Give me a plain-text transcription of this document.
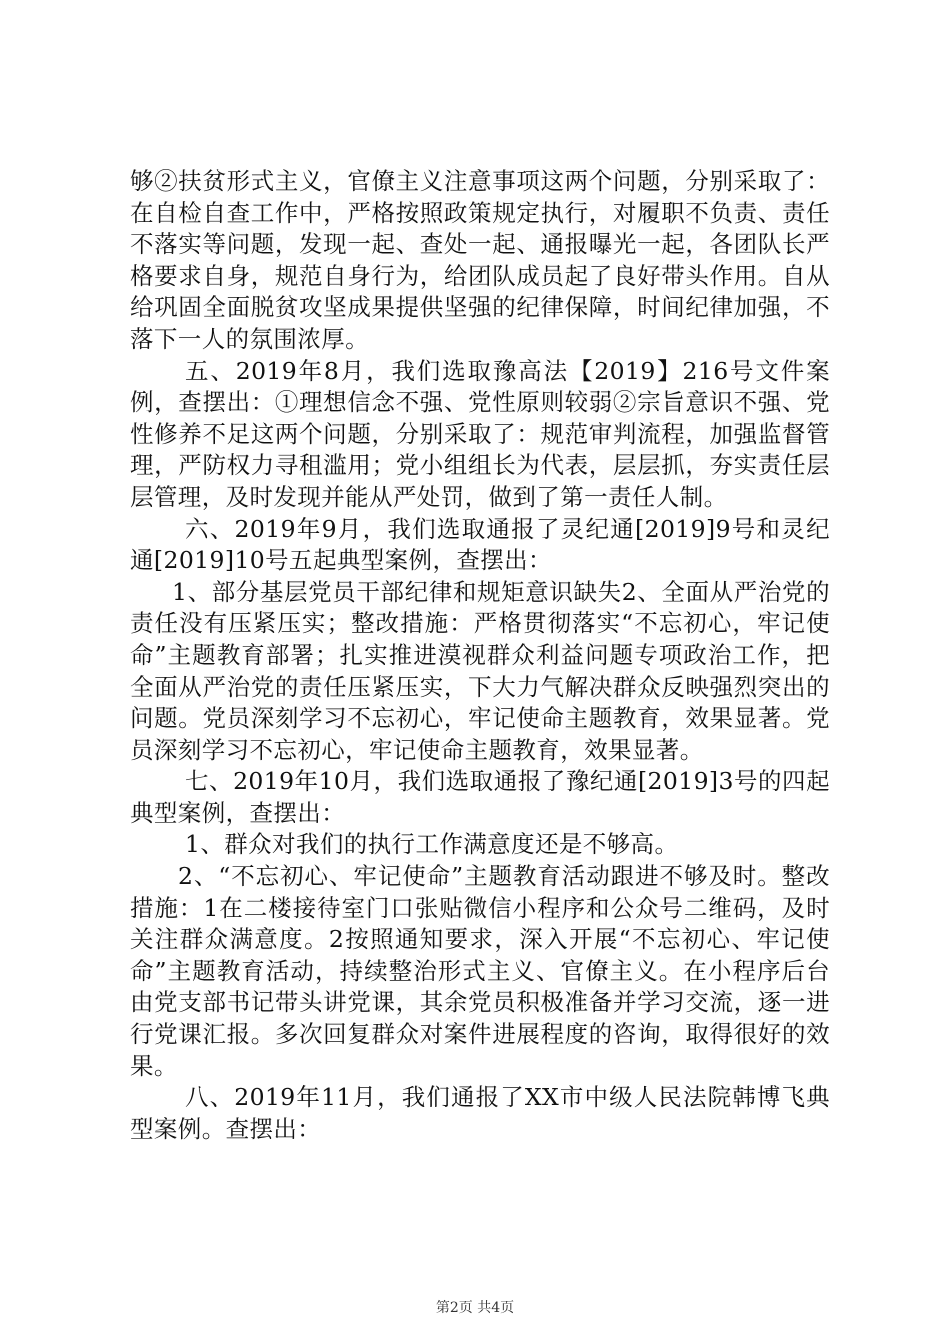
够②扶贫形式主义，官僚主义注意事项这两个问题，分别采取了：在自检自查工作中，严格按照政策规定执行，对履职不负责、责任不落实等问题，发现一起、查处一起、通报曝光一起，各团队长严格要求自身，规范自身行为，给团队成员起了良好带头作用。自从给巩固全面脱贫攻坚成果提供坚强的纪律保障，时间纪律加强，不落下一人的氛围浓厚。

五、2019年8月，我们选取豫高法【2019】216号文件案例，查摆出：①理想信念不强、党性原则较弱②宗旨意识不强、党性修养不足这两个问题，分别采取了：规范审判流程，加强监督管理，严防权力寻租滥用；党小组组长为代表，层层抓，夯实责任层层管理，及时发现并能从严处罚，做到了第一责任人制。

六、2019年9月，我们选取通报了灵纪通[2019]9号和灵纪通[2019]10号五起典型案例，查摆出：

1、部分基层党员干部纪律和规矩意识缺失2、全面从严治党的责任没有压紧压实；整改措施：严格贯彻落实“不忘初心，牢记使命”主题教育部署；扎实推进漠视群众利益问题专项政治工作，把全面从严治党的责任压紧压实，下大力气解决群众反映强烈突出的问题。党员深刻学习不忘初心，牢记使命主题教育，效果显著。党员深刻学习不忘初心，牢记使命主题教育，效果显著。

七、2019年10月，我们选取通报了豫纪通[2019]3号的四起典型案例，查摆出：

1、群众对我们的执行工作满意度还是不够高。

2、“不忘初心、牢记使命”主题教育活动跟进不够及时。整改措施：1在二楼接待室门口张贴微信小程序和公众号二维码，及时关注群众满意度。2按照通知要求，深入开展“不忘初心、牢记使命”主题教育活动，持续整治形式主义、官僚主义。在小程序后台由党支部书记带头讲党课，其余党员积极准备并学习交流，逐一进行党课汇报。多次回复群众对案件进展程度的咨询，取得很好的效果。

八、2019年11月，我们通报了XX市中级人民法院韩博飞典型案例。查摆出：

第2页 共4页
